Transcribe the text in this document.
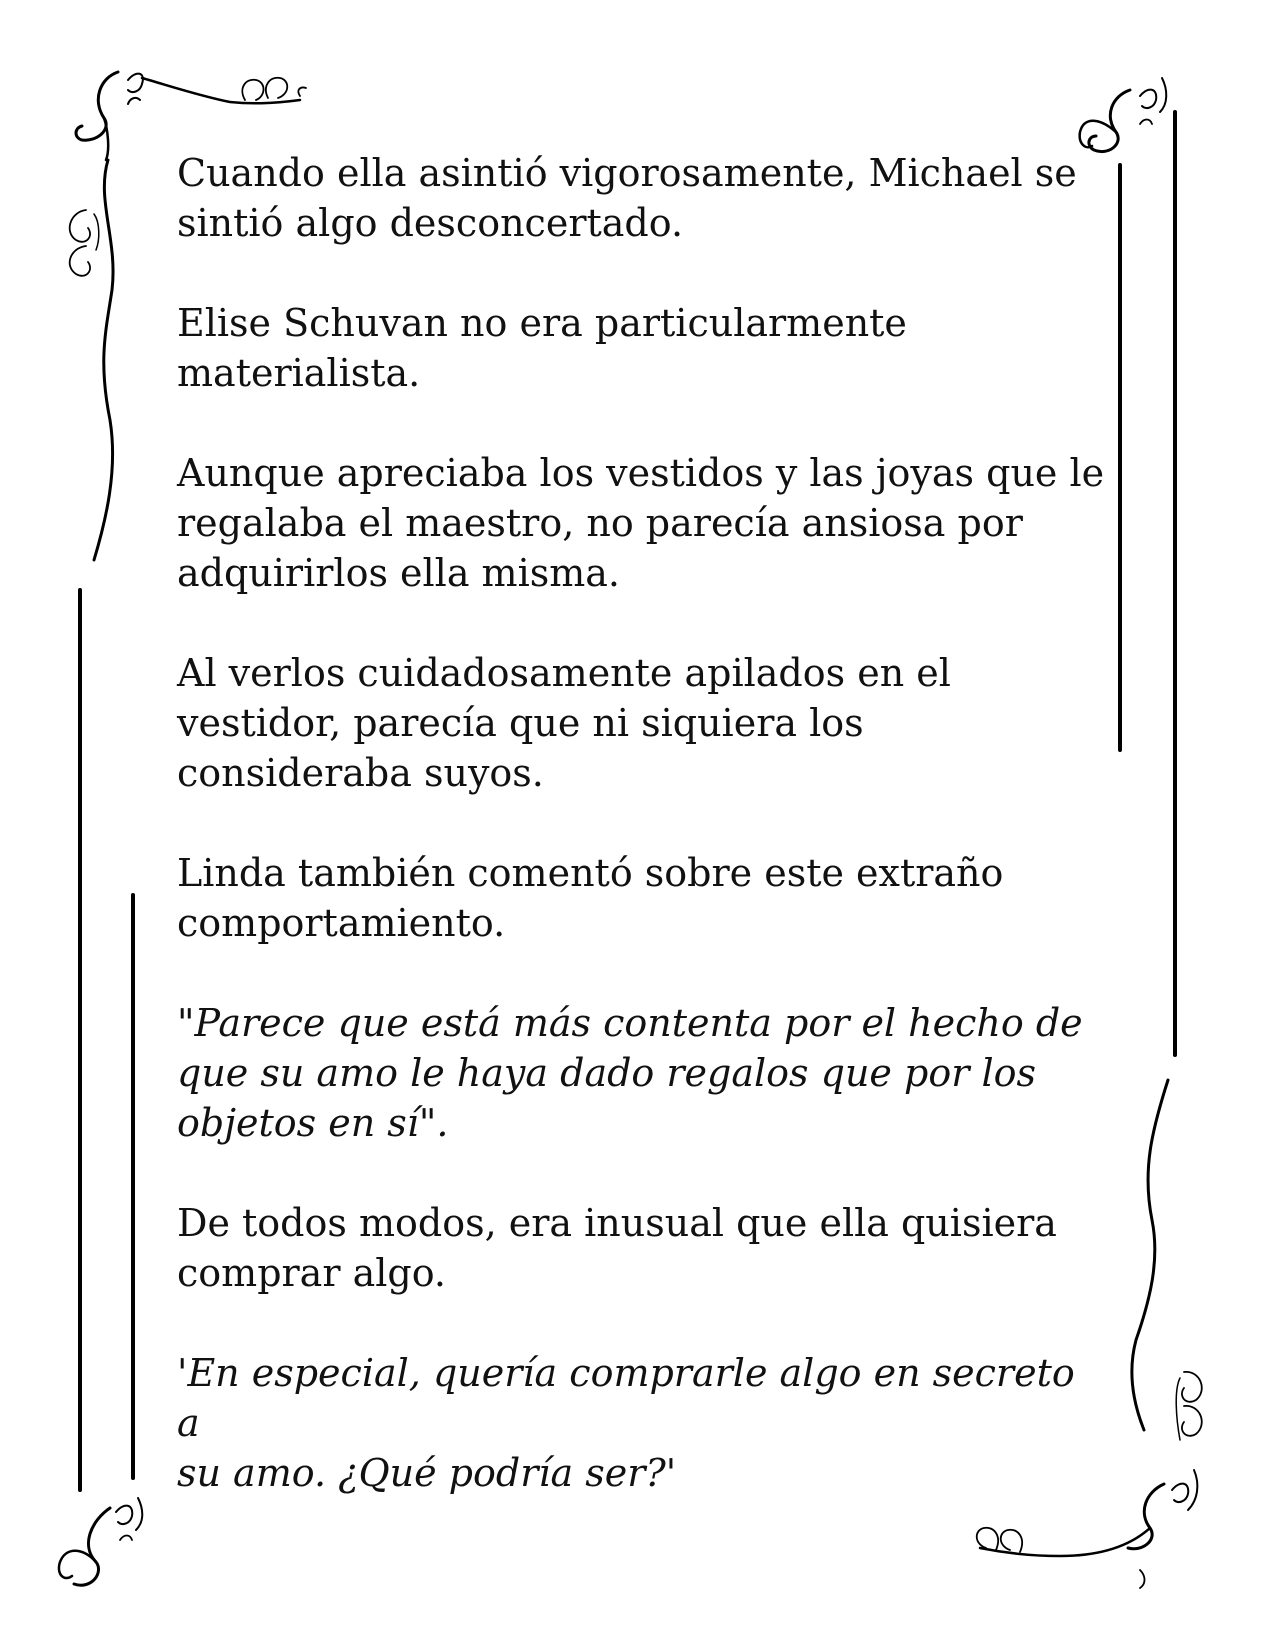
Cuando ella asintió vigorosamente, Michael se
sintió algo desconcertado.

Elise Schuvan no era particularmente
materialista.

Aunque apreciaba los vestidos y las joyas que le
regalaba el maestro, no parecía ansiosa por
adquirirlos ella misma.

Al verlos cuidadosamente apilados en el
vestidor, parecía que ni siquiera los
consideraba suyos.

Linda también comentó sobre este extraño
comportamiento.

"Parece que está más contenta por el hecho de
que su amo le haya dado regalos que por los
objetos en sí".

De todos modos, era inusual que ella quisiera
comprar algo.

'En especial, quería comprarle algo en secreto a
su amo. ¿Qué podría ser?'
